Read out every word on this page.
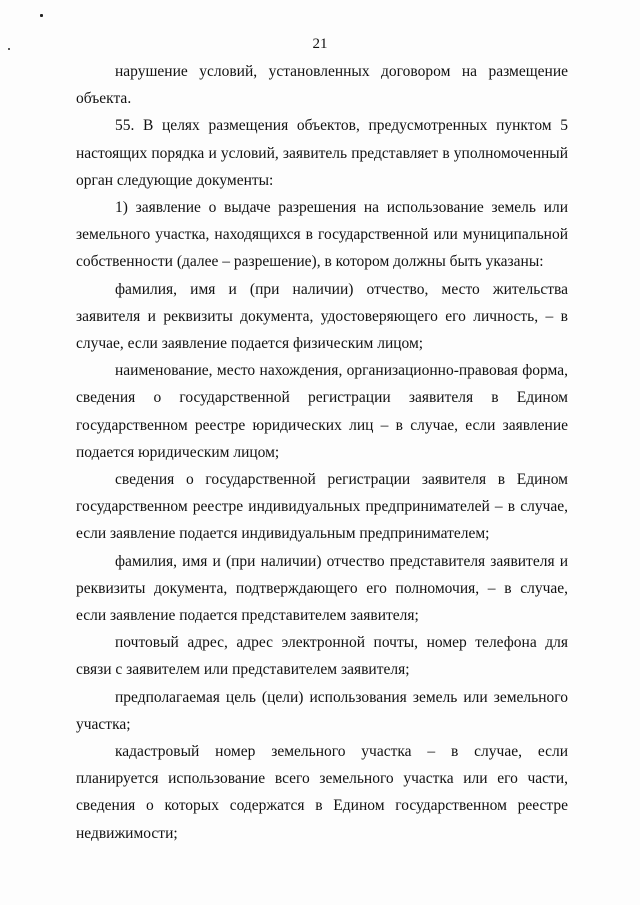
21

нарушение условий, установленных договором на размещение объекта.

55. В целях размещения объектов, предусмотренных пунктом 5 настоящих порядка и условий, заявитель представляет в уполномоченный орган следующие документы:

1) заявление о выдаче разрешения на использование земель или земельного участка, находящихся в государственной или муниципальной собственности (далее – разрешение), в котором должны быть указаны:

фамилия, имя и (при наличии) отчество, место жительства заявителя и реквизиты документа, удостоверяющего его личность, – в случае, если заявление подается физическим лицом;

наименование, место нахождения, организационно-правовая форма, сведения о государственной регистрации заявителя в Едином государственном реестре юридических лиц – в случае, если заявление подается юридическим лицом;

сведения о государственной регистрации заявителя в Едином государственном реестре индивидуальных предпринимателей – в случае, если заявление подается индивидуальным предпринимателем;

фамилия, имя и (при наличии) отчество представителя заявителя и реквизиты документа, подтверждающего его полномочия, – в случае, если заявление подается представителем заявителя;

почтовый адрес, адрес электронной почты, номер телефона для связи с заявителем или представителем заявителя;

предполагаемая цель (цели) использования земель или земельного участка;

кадастровый номер земельного участка – в случае, если планируется использование всего земельного участка или его части, сведения о которых содержатся в Едином государственном реестре недвижимости;
